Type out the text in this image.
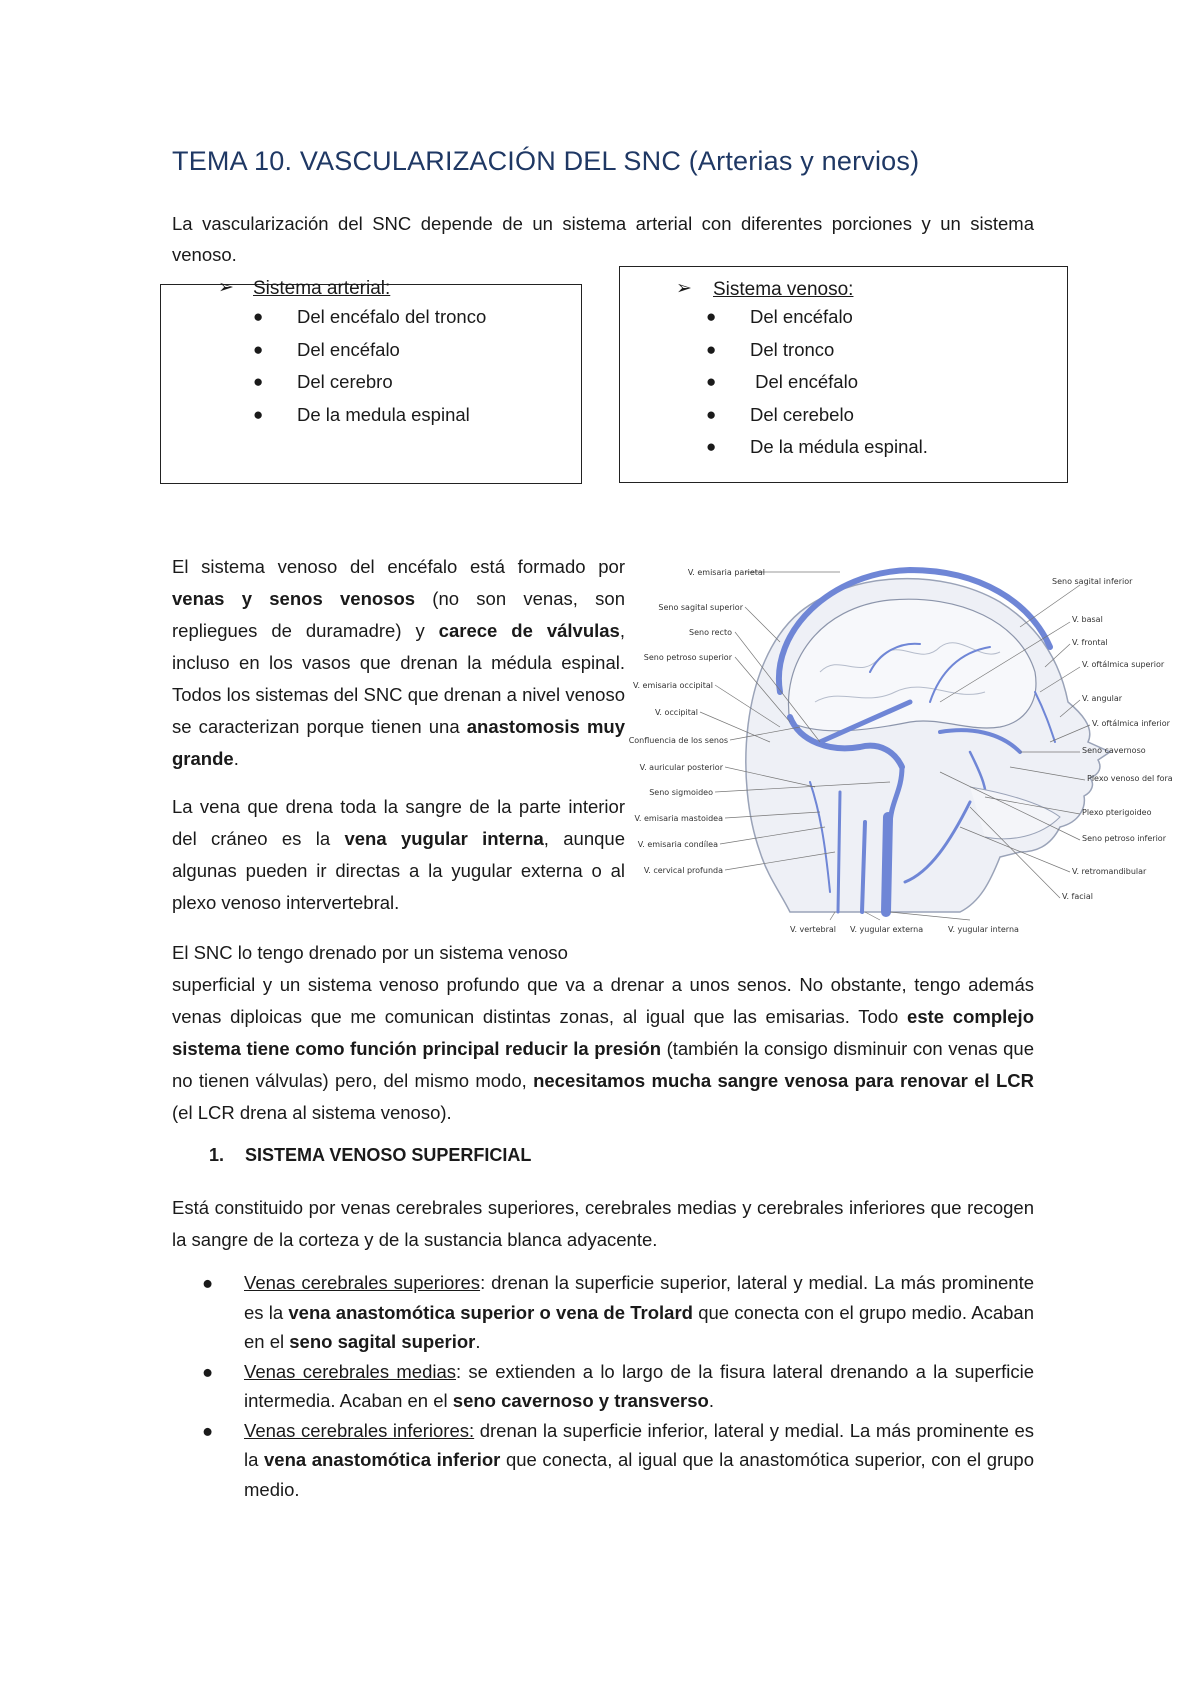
TEMA 10. VASCULARIZACIÓN DEL SNC (Arterias y nervios)

La vascularización del SNC depende de un sistema arterial con diferentes porciones y un sistema venoso.

➢ Sistema arterial:
● Del encéfalo del tronco
● Del encéfalo
● Del cerebro
● De la medula espinal
➢ Sistema venoso:
● Del encéfalo
● Del tronco
● Del encéfalo
● Del cerebelo
● De la médula espinal.

El sistema venoso del encéfalo está formado por venas y senos venosos (no son venas, son repliegues de duramadre) y carece de válvulas, incluso en los vasos que drenan la médula espinal. Todos los sistemas del SNC que drenan a nivel venoso se caracterizan porque tienen una anastomosis muy grande.

La vena que drena toda la sangre de la parte interior del cráneo es la vena yugular interna, aunque algunas pueden ir directas a la yugular externa o al plexo venoso intervertebral.

El SNC lo tengo drenado por un sistema venoso

superficial y un sistema venoso profundo que va a drenar a unos senos. No obstante, tengo además venas diploicas que me comunican distintas zonas, al igual que las emisarias. Todo este complejo sistema tiene como función principal reducir la presión (también la consigo disminuir con venas que no tienen válvulas) pero, del mismo modo, necesitamos mucha sangre venosa para renovar el LCR (el LCR drena al sistema venoso).

1. SISTEMA VENOSO SUPERFICIAL

Está constituido por venas cerebrales superiores, cerebrales medias y cerebrales inferiores que recogen la sangre de la corteza y de la sustancia blanca adyacente.

● Venas cerebrales superiores: drenan la superficie superior, lateral y medial. La más prominente es la vena anastomótica superior o vena de Trolard que conecta con el grupo medio. Acaban en el seno sagital superior.
● Venas cerebrales medias: se extienden a lo largo de la fisura lateral drenando a la superficie intermedia. Acaban en el seno cavernoso y transverso.
● Venas cerebrales inferiores: drenan la superficie inferior, lateral y medial. La más prominente es la vena anastomótica inferior que conecta, al igual que la anastomótica superior, con el grupo medio.
V. emisaria parietal
Seno sagital superior
Seno recto
Seno petroso superior
V. emisaria occipital
V. occipital
Confluencia de los senos
V. auricular posterior
Seno sigmoideo
V. emisaria mastoidea
V. emisaria condílea
V. cervical profunda
Seno sagital inferior
V. basal
V. frontal
V. oftálmica superior
V. angular
V. oftálmica inferior
Seno cavernoso
Plexo venoso del fora
Plexo pterigoideo
Seno petroso inferior
V. retromandibular
V. facial
V. vertebral V. yugular externa	V. yugular interna
